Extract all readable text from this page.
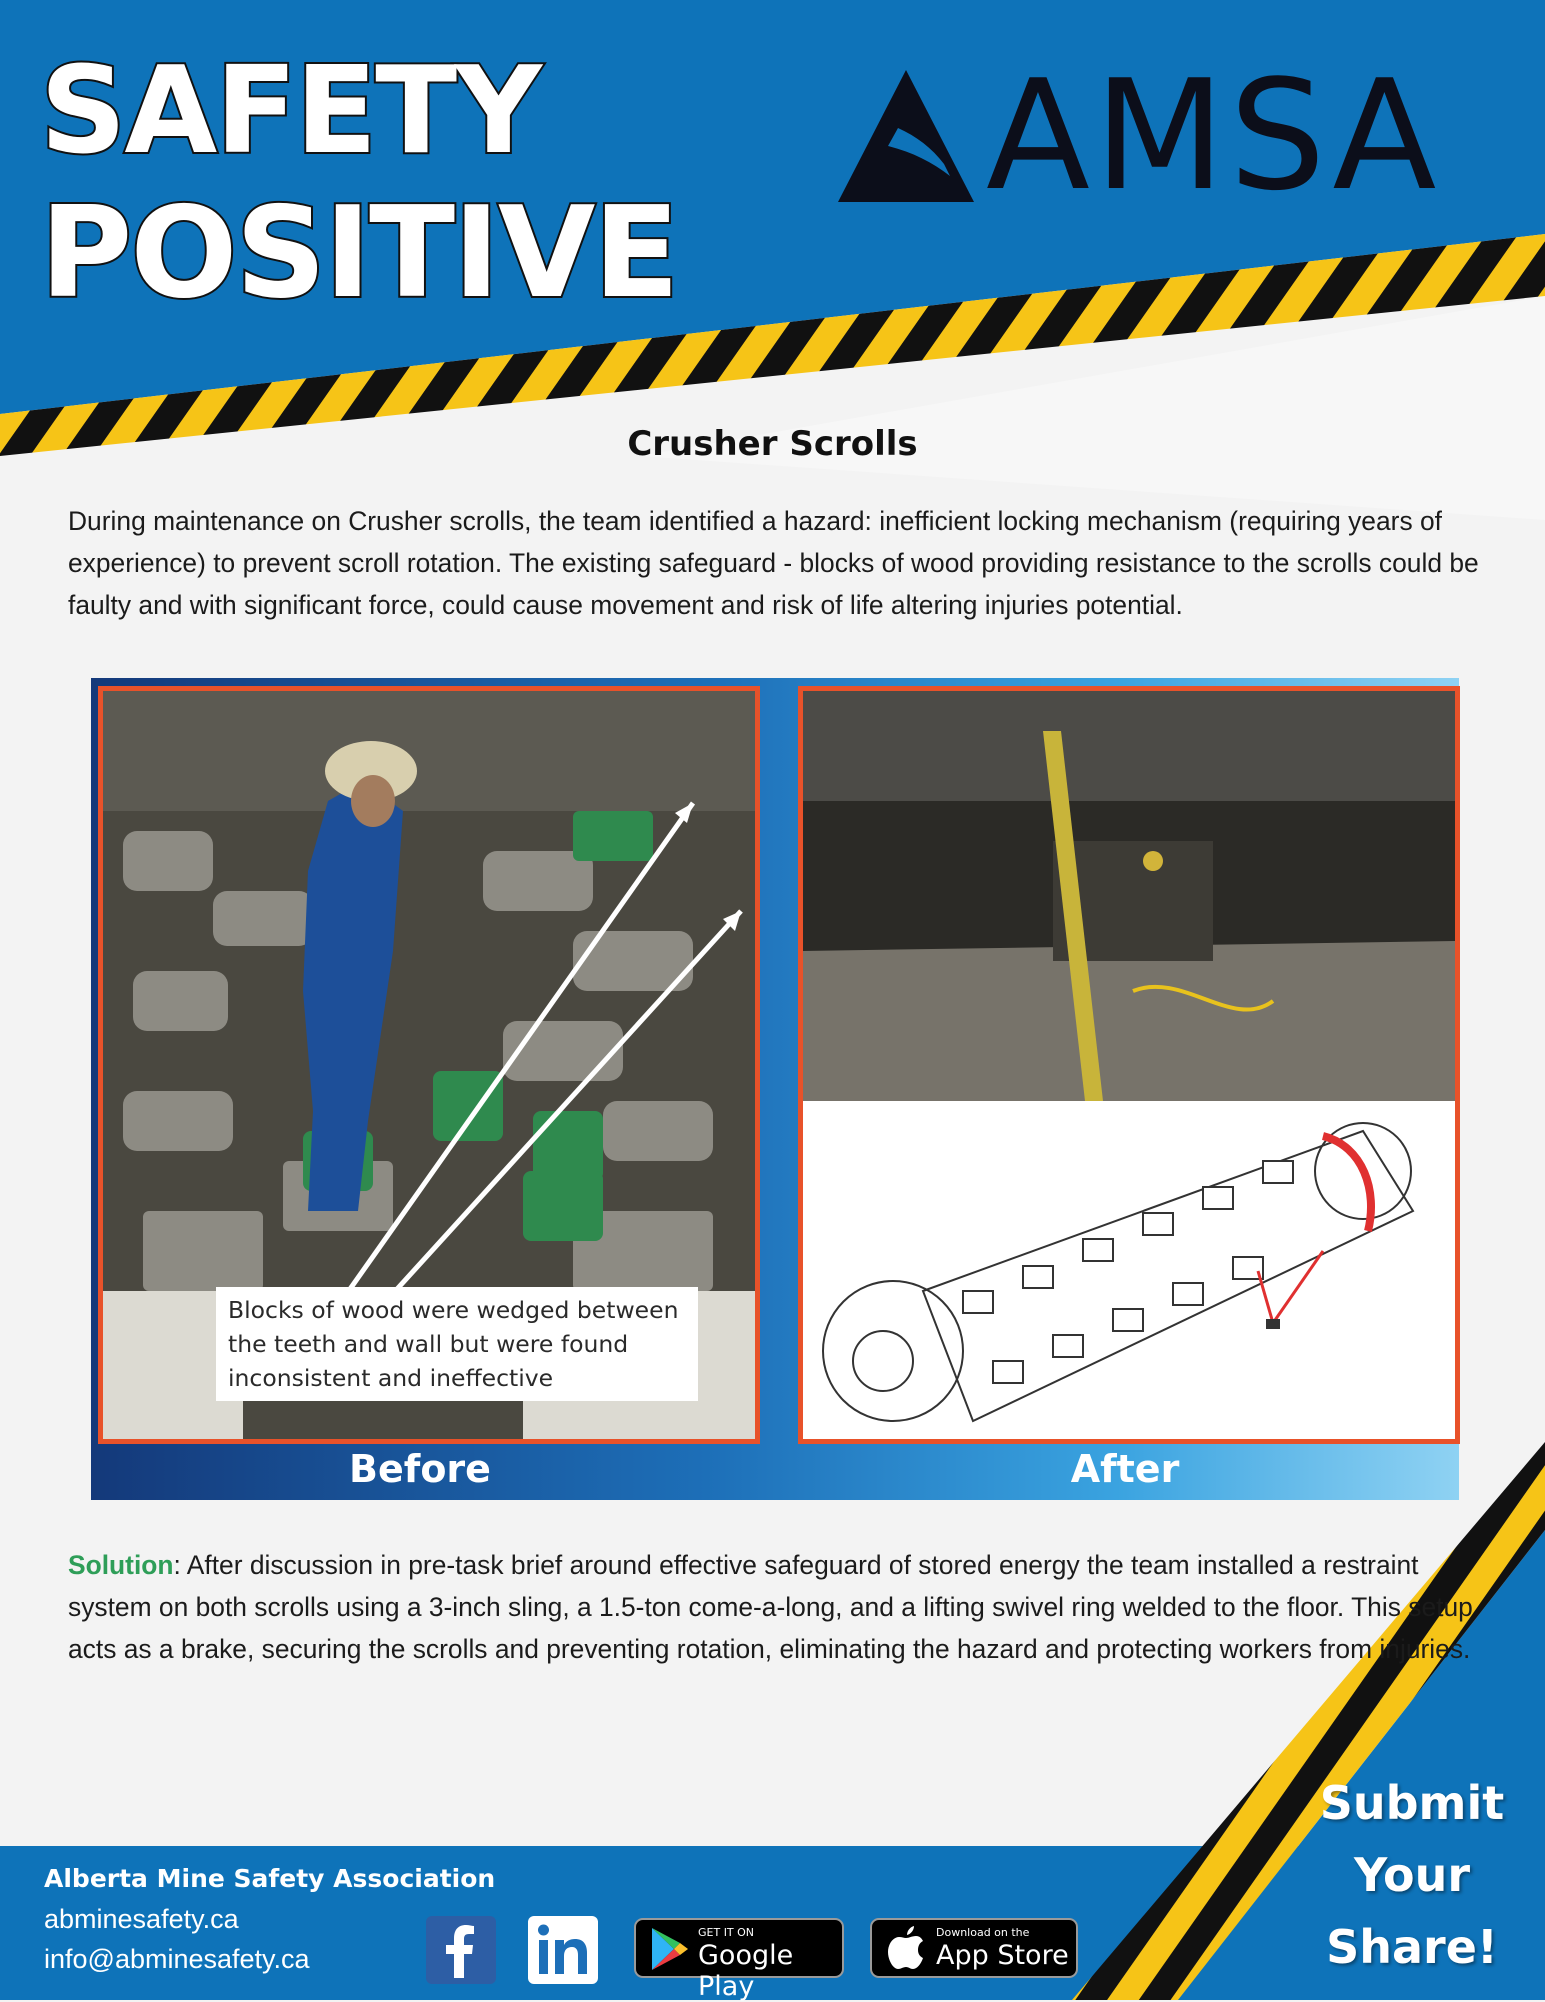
SAFETY
POSITIVE
AMSA
Crusher Scrolls

During maintenance on Crusher scrolls, the team identified a hazard: inefficient locking mechanism (requiring years of experience) to prevent scroll rotation. The existing safeguard - blocks of wood providing resistance to the scrolls could be faulty and with significant force, could cause movement and risk of life altering injuries potential.

Blocks of wood were wedged between the teeth and wall but were found inconsistent and ineffective
Before	After

Solution: After discussion in pre-task brief around effective safeguard of stored energy the team installed a restraint system on both scrolls using a 3-inch sling, a 1.5-ton come-a-long, and a lifting swivel ring welded to the floor. This setup acts as a brake, securing the scrolls and preventing rotation, eliminating the hazard and protecting workers from injuries.

Alberta Mine Safety Association

abminesafety.ca

info@abminesafety.ca

GET IT ON
Google Play
Download on the
App Store

Submit

Your

Share!
